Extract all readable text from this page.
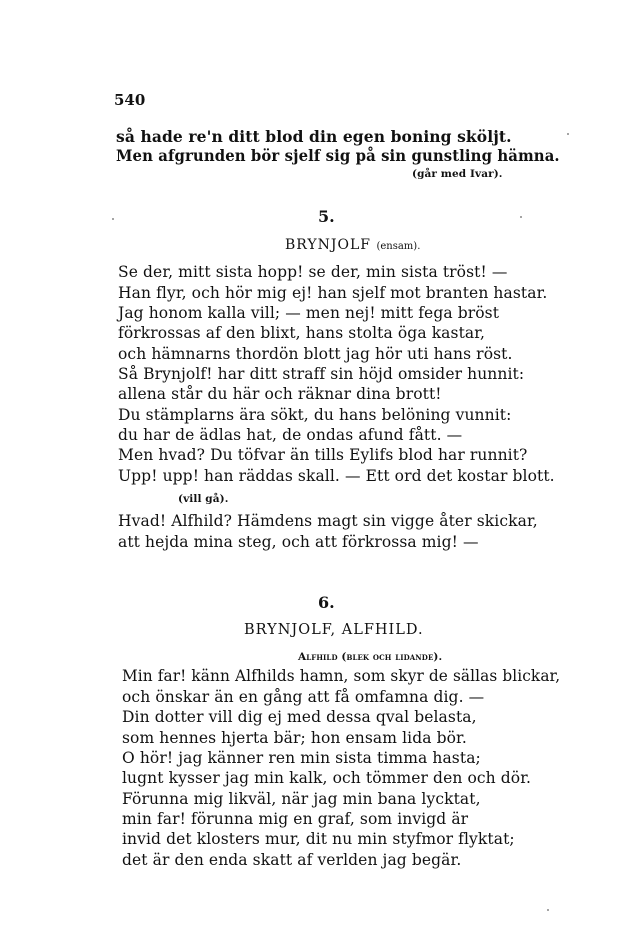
540
så hade re'n ditt blod din egen boning sköljt.
Men afgrunden bör sjelf sig på sin gunstling hämna.
(går med Ivar).
5.
BRYNJOLF (ensam).
Se der, mitt sista hopp! se der, min sista tröst! —
Han flyr, och hör mig ej! han sjelf mot branten hastar.
Jag honom kalla vill; — men nej! mitt fega bröst
förkrossas af den blixt, hans stolta öga kastar,
och hämnarns thordön blott jag hör uti hans röst.
Så Brynjolf! har ditt straff sin höjd omsider hunnit:
allena står du här och räknar dina brott!
Du stämplarns ära sökt, du hans belöning vunnit:
du har de ädlas hat, de ondas afund fått. —
Men hvad? Du töfvar än tills Eylifs blod har runnit?
Upp! upp! han räddas skall. — Ett ord det kostar blott.
(vill gå).
Hvad! Alfhild? Hämdens magt sin vigge åter skickar,
att hejda mina steg, och att förkrossa mig! —
6.
BRYNJOLF, ALFHILD.
Alfhild (blek och lidande).
Min far! känn Alfhilds hamn, som skyr de sällas blickar,
och önskar än en gång att få omfamna dig. —
Din dotter vill dig ej med dessa qval belasta,
som hennes hjerta bär; hon ensam lida bör.
O hör! jag känner ren min sista timma hasta;
lugnt kysser jag min kalk, och tömmer den och dör.
Förunna mig likväl, när jag min bana lycktat,
min far! förunna mig en graf, som invigd är
invid det klosters mur, dit nu min styfmor flyktat;
det är den enda skatt af verlden jag begär.
